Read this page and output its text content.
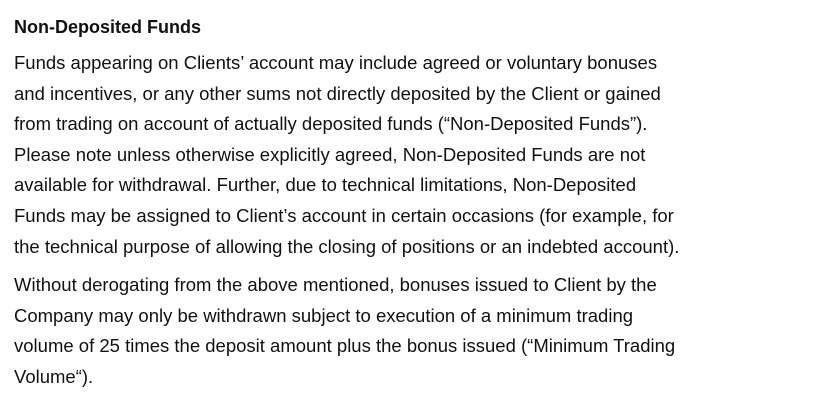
Non-Deposited Funds

Funds appearing on Clients’ account may include agreed or voluntary bonuses
and incentives, or any other sums not directly deposited by the Client or gained
from trading on account of actually deposited funds (“Non-Deposited Funds”).
Please note unless otherwise explicitly agreed, Non-Deposited Funds are not
available for withdrawal. Further, due to technical limitations, Non-Deposited
Funds may be assigned to Client’s account in certain occasions (for example, for
the technical purpose of allowing the closing of positions or an indebted account).

Without derogating from the above mentioned, bonuses issued to Client by the
Company may only be withdrawn subject to execution of a minimum trading
volume of 25 times the deposit amount plus the bonus issued (“Minimum Trading
Volume“).
